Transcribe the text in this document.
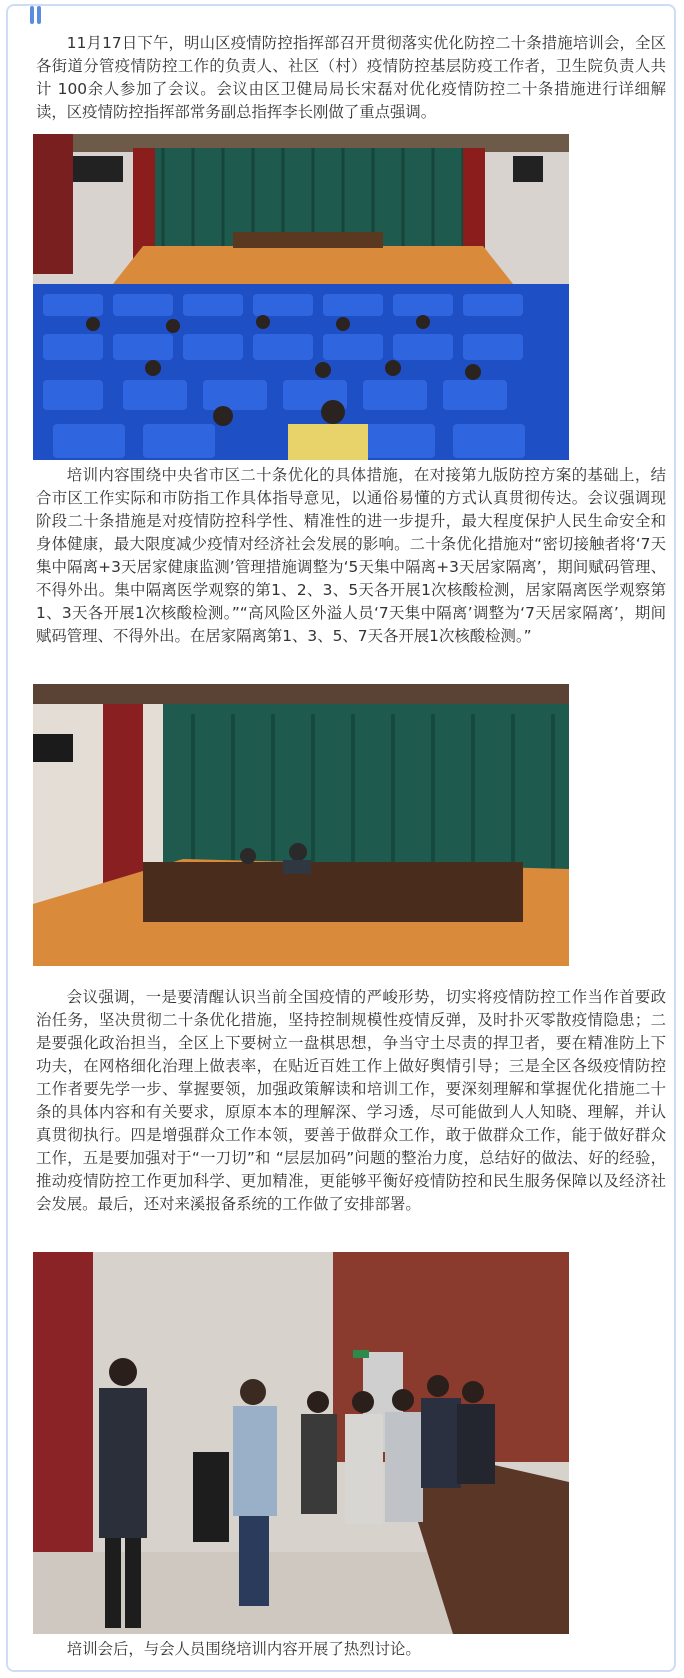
11月17日下午，明山区疫情防控指挥部召开贯彻落实优化防控二十条措施培训会，全区各街道分管疫情防控工作的负责人、社区（村）疫情防控基层防疫工作者，卫生院负责人共计 100余人参加了会议。会议由区卫健局局长宋磊对优化疫情防控二十条措施进行详细解读，区疫情防控指挥部常务副总指挥李长刚做了重点强调。

培训内容围绕中央省市区二十条优化的具体措施，在对接第九版防控方案的基础上，结合市区工作实际和市防指工作具体指导意见，以通俗易懂的方式认真贯彻传达。会议强调现阶段二十条措施是对疫情防控科学性、精准性的进一步提升，最大程度保护人民生命安全和身体健康，最大限度减少疫情对经济社会发展的影响。二十条优化措施对“密切接触者将‘7天集中隔离+3天居家健康监测’管理措施调整为‘5天集中隔离+3天居家隔离’，期间赋码管理、不得外出。集中隔离医学观察的第1、2、3、5天各开展1次核酸检测，居家隔离医学观察第1、3天各开展1次核酸检测。”“高风险区外溢人员‘7天集中隔离’调整为‘7天居家隔离’，期间赋码管理、不得外出。在居家隔离第1、3、5、7天各开展1次核酸检测。”

会议强调，一是要清醒认识当前全国疫情的严峻形势，切实将疫情防控工作当作首要政治任务，坚决贯彻二十条优化措施，坚持控制规模性疫情反弹，及时扑灭零散疫情隐患；二是要强化政治担当，全区上下要树立一盘棋思想，争当守土尽责的捍卫者，要在精准防上下功夫，在网格细化治理上做表率，在贴近百姓工作上做好舆情引导；三是全区各级疫情防控工作者要先学一步、掌握要领，加强政策解读和培训工作，要深刻理解和掌握优化措施二十条的具体内容和有关要求，原原本本的理解深、学习透，尽可能做到人人知晓、理解，并认真贯彻执行。四是增强群众工作本领，要善于做群众工作，敢于做群众工作，能于做好群众工作，五是要加强对于“一刀切”和 “层层加码”问题的整治力度，总结好的做法、好的经验，推动疫情防控工作更加科学、更加精准，更能够平衡好疫情防控和民生服务保障以及经济社会发展。最后，还对来溪报备系统的工作做了安排部署。

培训会后，与会人员围绕培训内容开展了热烈讨论。
